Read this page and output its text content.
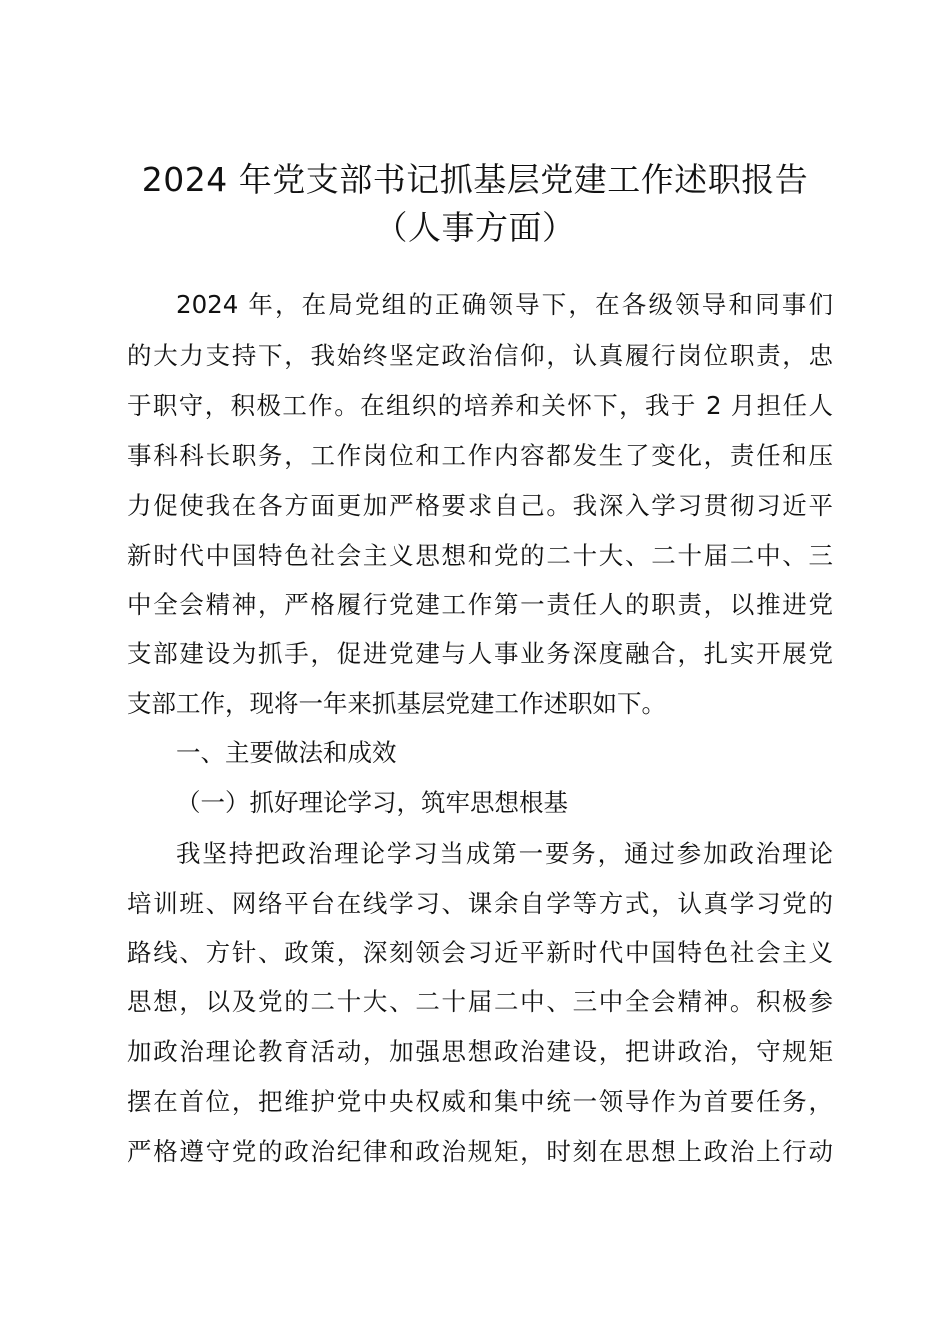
2024 年党支部书记抓基层党建工作述职报告
（人事方面）
2024 年，在局党组的正确领导下，在各级领导和同事们
的大力支持下，我始终坚定政治信仰，认真履行岗位职责，忠
于职守，积极工作。在组织的培养和关怀下，我于 2 月担任人
事科科长职务，工作岗位和工作内容都发生了变化，责任和压
力促使我在各方面更加严格要求自己。我深入学习贯彻习近平
新时代中国特色社会主义思想和党的二十大、二十届二中、三
中全会精神，严格履行党建工作第一责任人的职责，以推进党
支部建设为抓手，促进党建与人事业务深度融合，扎实开展党
支部工作，现将一年来抓基层党建工作述职如下。
一、主要做法和成效
（一）抓好理论学习，筑牢思想根基
我坚持把政治理论学习当成第一要务，通过参加政治理论
培训班、网络平台在线学习、课余自学等方式，认真学习党的
路线、方针、政策，深刻领会习近平新时代中国特色社会主义
思想，以及党的二十大、二十届二中、三中全会精神。积极参
加政治理论教育活动，加强思想政治建设，把讲政治，守规矩
摆在首位，把维护党中央权威和集中统一领导作为首要任务，
严格遵守党的政治纪律和政治规矩，时刻在思想上政治上行动
